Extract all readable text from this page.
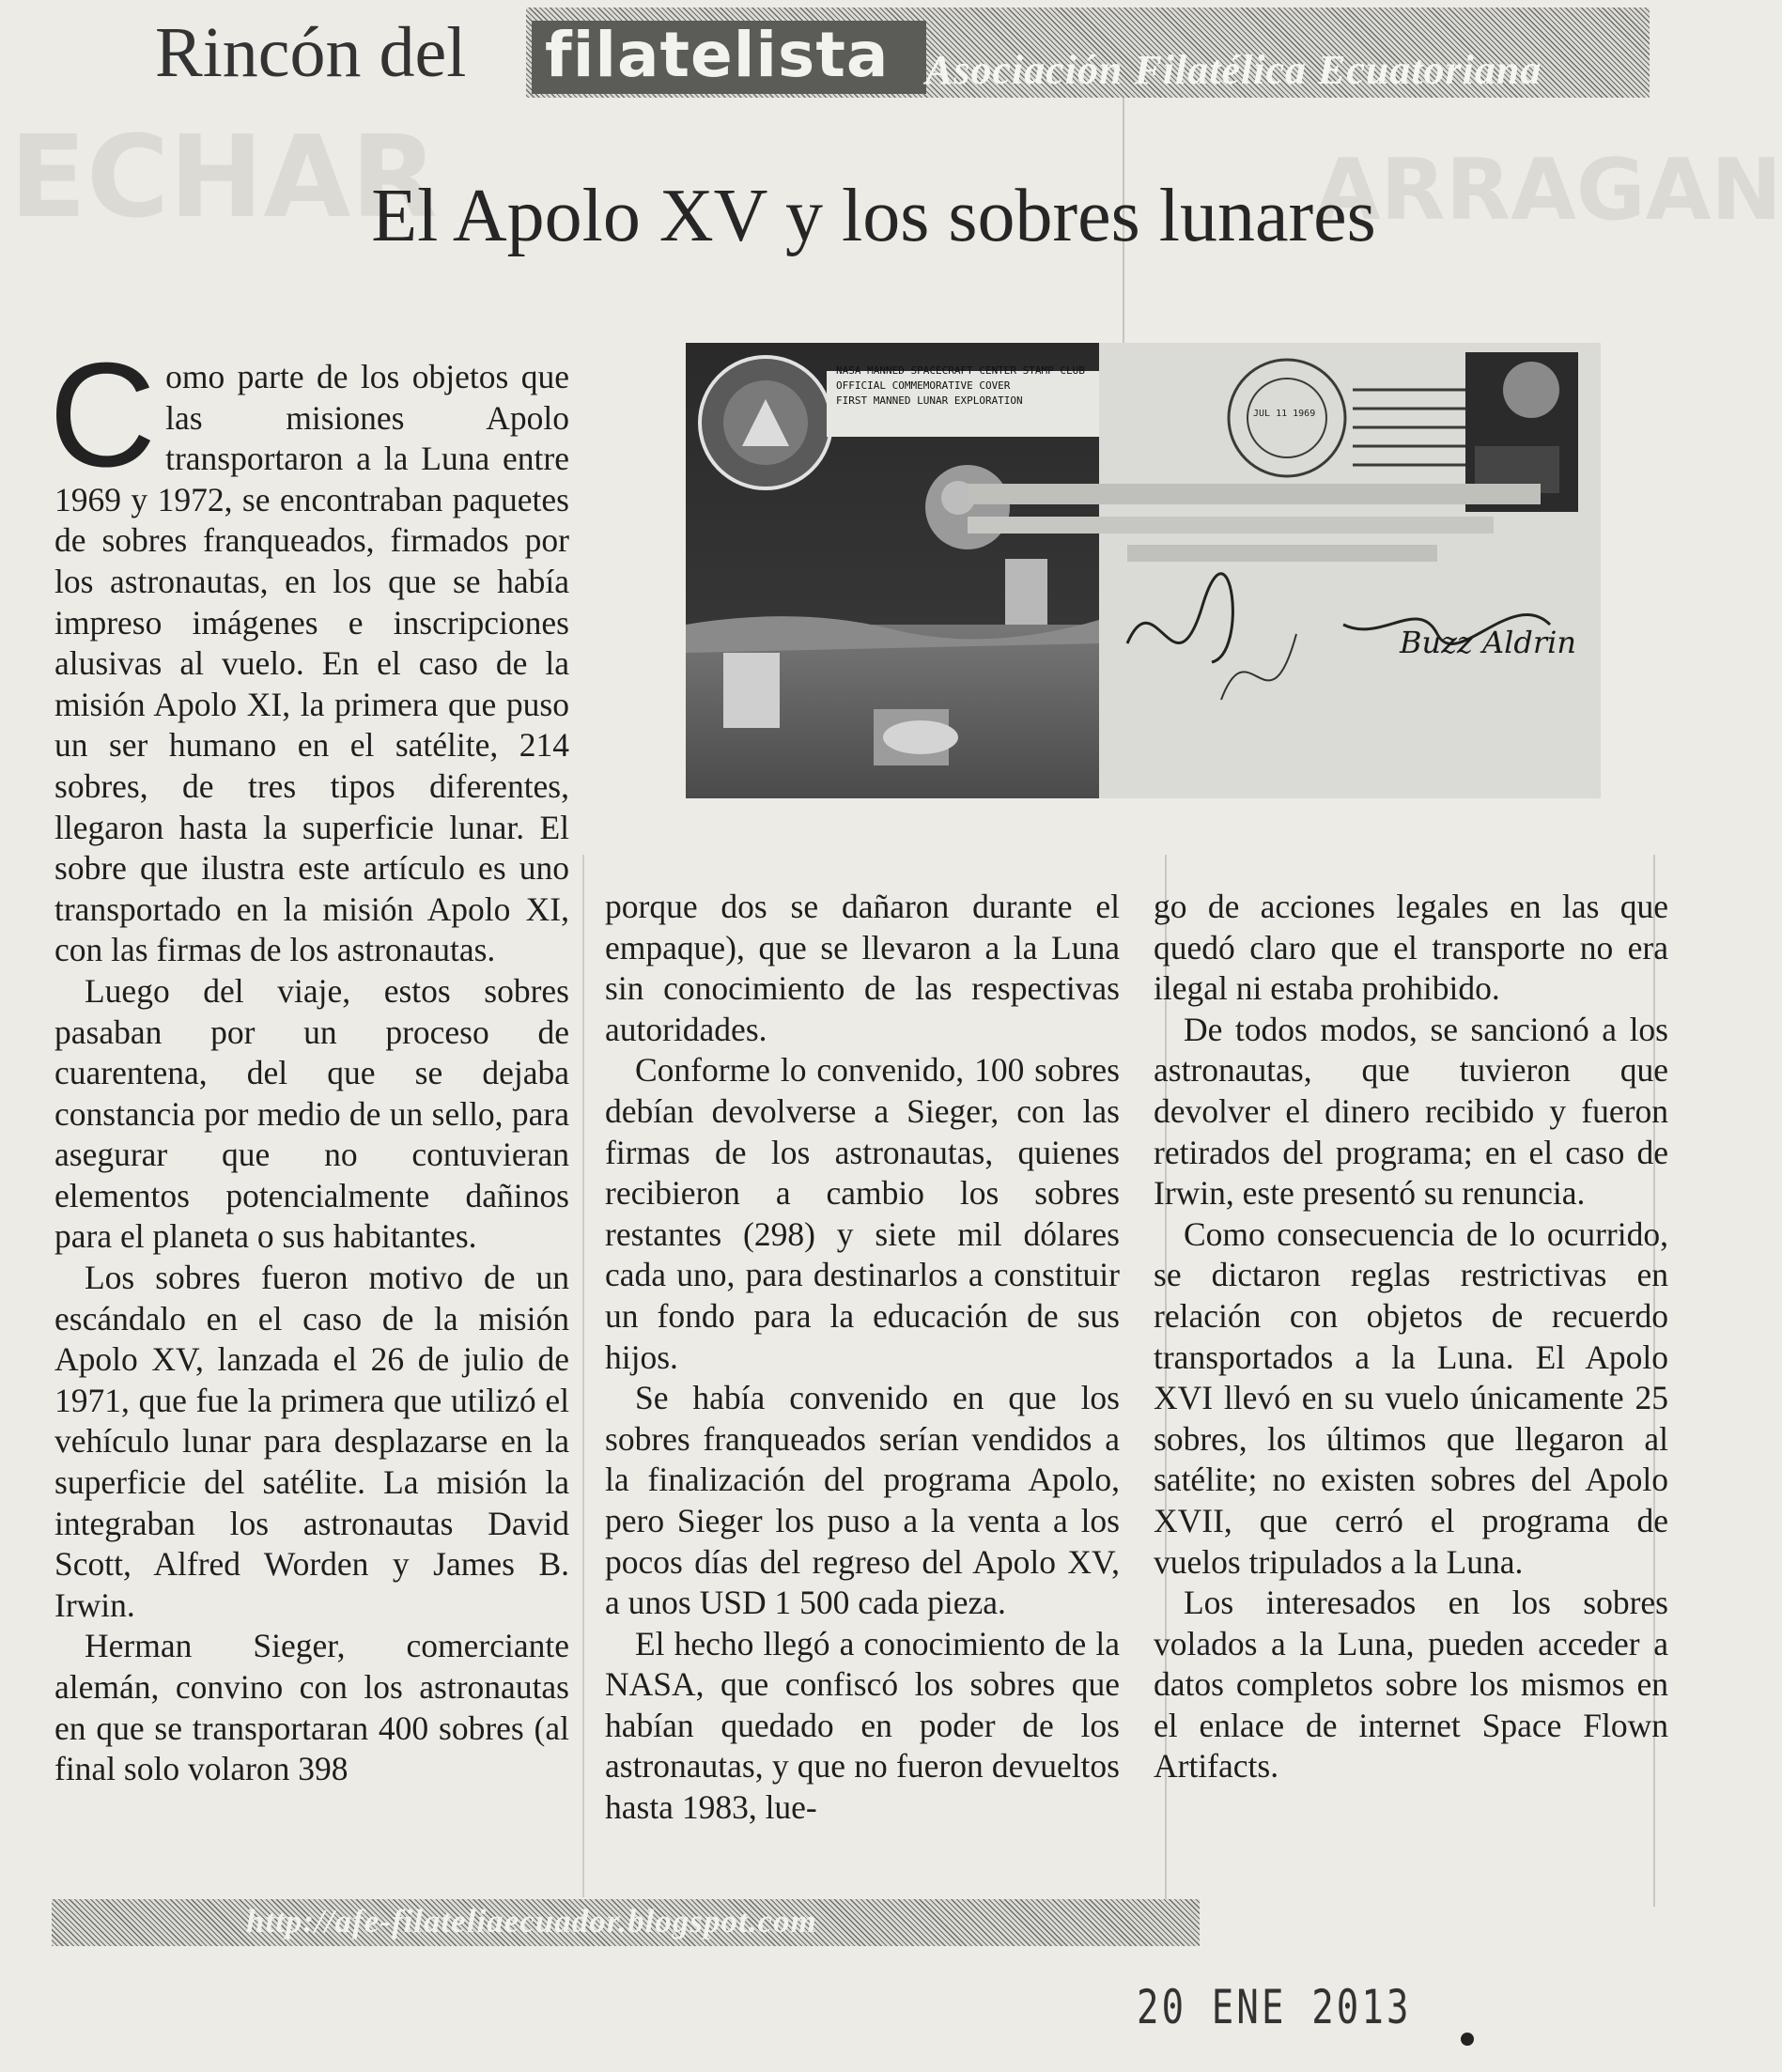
ECHAR	ARRAGAN
Rincón del filatelista Asociación Filatélica Ecuatoriana
El Apolo XV y los sobres lunares
NASA MANNED SPACECRAFT CENTER STAMP CLUB
OFFICIAL COMMEMORATIVE COVER
FIRST MANNED LUNAR EXPLORATION
JUL 11 1969
Buzz Aldrin

Como parte de los objetos que las misiones Apolo transportaron a la Luna entre 1969 y 1972, se encontraban paquetes de sobres franqueados, firmados por los astronautas, en los que se había impreso imágenes e inscripciones alusivas al vuelo. En el caso de la misión Apolo XI, la primera que puso un ser humano en el satélite, 214 sobres, de tres tipos diferentes, llegaron hasta la superficie lunar. El sobre que ilustra este artículo es uno transportado en la misión Apolo XI, con las firmas de los astronautas.

Luego del viaje, estos sobres pasaban por un proceso de cuarentena, del que se dejaba constancia por medio de un sello, para asegurar que no contuvieran elementos potencialmente dañinos para el planeta o sus habitantes.

Los sobres fueron motivo de un escándalo en el caso de la misión Apolo XV, lanzada el 26 de julio de 1971, que fue la primera que utilizó el vehículo lunar para desplazarse en la superficie del satélite. La misión la integraban los astronautas David Scott, Alfred Worden y James B. Irwin.

Herman Sieger, comerciante alemán, convino con los astronautas en que se transportaran 400 sobres (al final solo volaron 398

porque dos se dañaron durante el empaque), que se llevaron a la Luna sin conocimiento de las respectivas autoridades.

Conforme lo convenido, 100 sobres debían devolverse a Sieger, con las firmas de los astronautas, quienes recibieron a cambio los sobres restantes (298) y siete mil dólares cada uno, para destinarlos a constituir un fondo para la educación de sus hijos.

Se había convenido en que los sobres franqueados serían vendidos a la finalización del programa Apolo, pero Sieger los puso a la venta a los pocos días del regreso del Apolo XV, a unos USD 1 500 cada pieza.

El hecho llegó a conocimiento de la NASA, que confiscó los sobres que habían quedado en poder de los astronautas, y que no fueron devueltos hasta 1983, lue-

go de acciones legales en las que quedó claro que el transporte no era ilegal ni estaba prohibido.

De todos modos, se sancionó a los astronautas, que tuvieron que devolver el dinero recibido y fueron retirados del programa; en el caso de Irwin, este presentó su renuncia.

Como consecuencia de lo ocurrido, se dictaron reglas restrictivas en relación con objetos de recuerdo transportados a la Luna. El Apolo XVI llevó en su vuelo únicamente 25 sobres, los últimos que llegaron al satélite; no existen sobres del Apolo XVII, que cerró el programa de vuelos tripulados a la Luna.

Los interesados en los sobres volados a la Luna, pueden acceder a datos completos sobre los mismos en el enlace de internet Space Flown Artifacts.

http://afe-filateliaecuador.blogspot.com
20 ENE 2013
